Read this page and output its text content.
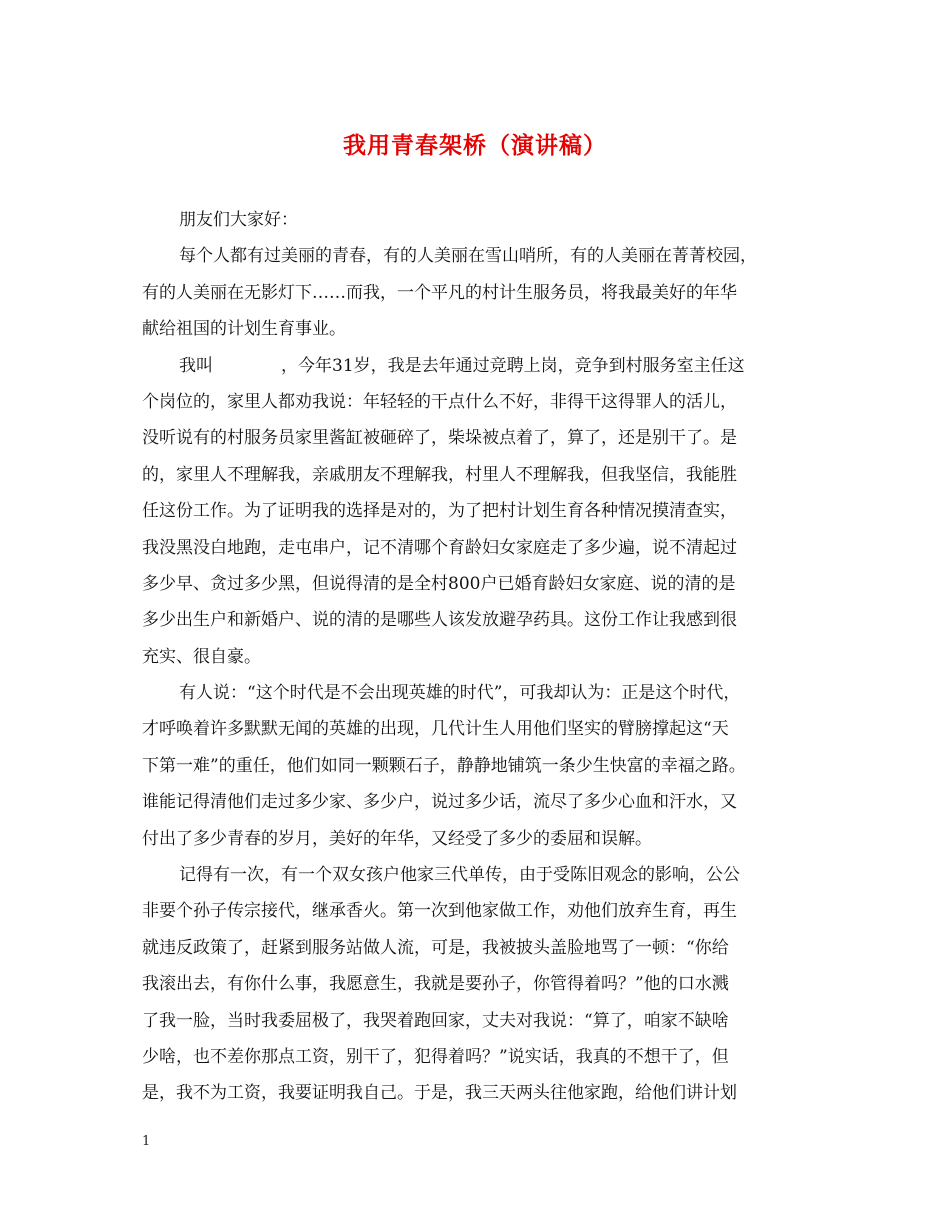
我用青春架桥（演讲稿）
朋友们大家好：
每个人都有过美丽的青春，有的人美丽在雪山哨所，有的人美丽在菁菁校园，
有的人美丽在无影灯下……而我，一个平凡的村计生服务员，将我最美好的年华
献给祖国的计划生育事业。
我叫　　　　，今年31岁，我是去年通过竞聘上岗，竞争到村服务室主任这
个岗位的，家里人都劝我说：年轻轻的干点什么不好，非得干这得罪人的活儿，
没听说有的村服务员家里酱缸被砸碎了，柴垛被点着了，算了，还是别干了。是
的，家里人不理解我，亲戚朋友不理解我，村里人不理解我，但我坚信，我能胜
任这份工作。为了证明我的选择是对的，为了把村计划生育各种情况摸清查实，
我没黑没白地跑，走屯串户，记不清哪个育龄妇女家庭走了多少遍，说不清起过
多少早、贪过多少黑，但说得清的是全村800户已婚育龄妇女家庭、说的清的是
多少出生户和新婚户、说的清的是哪些人该发放避孕药具。这份工作让我感到很
充实、很自豪。
有人说：“这个时代是不会出现英雄的时代”，可我却认为：正是这个时代，
才呼唤着许多默默无闻的英雄的出现，几代计生人用他们坚实的臂膀撑起这“天
下第一难”的重任，他们如同一颗颗石子，静静地铺筑一条少生快富的幸福之路。
谁能记得清他们走过多少家、多少户，说过多少话，流尽了多少心血和汗水，又
付出了多少青春的岁月，美好的年华，又经受了多少的委屈和误解。
记得有一次，有一个双女孩户他家三代单传，由于受陈旧观念的影响，公公
非要个孙子传宗接代，继承香火。第一次到他家做工作，劝他们放弃生育，再生
就违反政策了，赶紧到服务站做人流，可是，我被披头盖脸地骂了一顿：“你给
我滚出去，有你什么事，我愿意生，我就是要孙子，你管得着吗？”他的口水溅
了我一脸，当时我委屈极了，我哭着跑回家，丈夫对我说：“算了，咱家不缺啥
少啥，也不差你那点工资，别干了，犯得着吗？”说实话，我真的不想干了，但
是，我不为工资，我要证明我自己。于是，我三天两头往他家跑，给他们讲计划
1
